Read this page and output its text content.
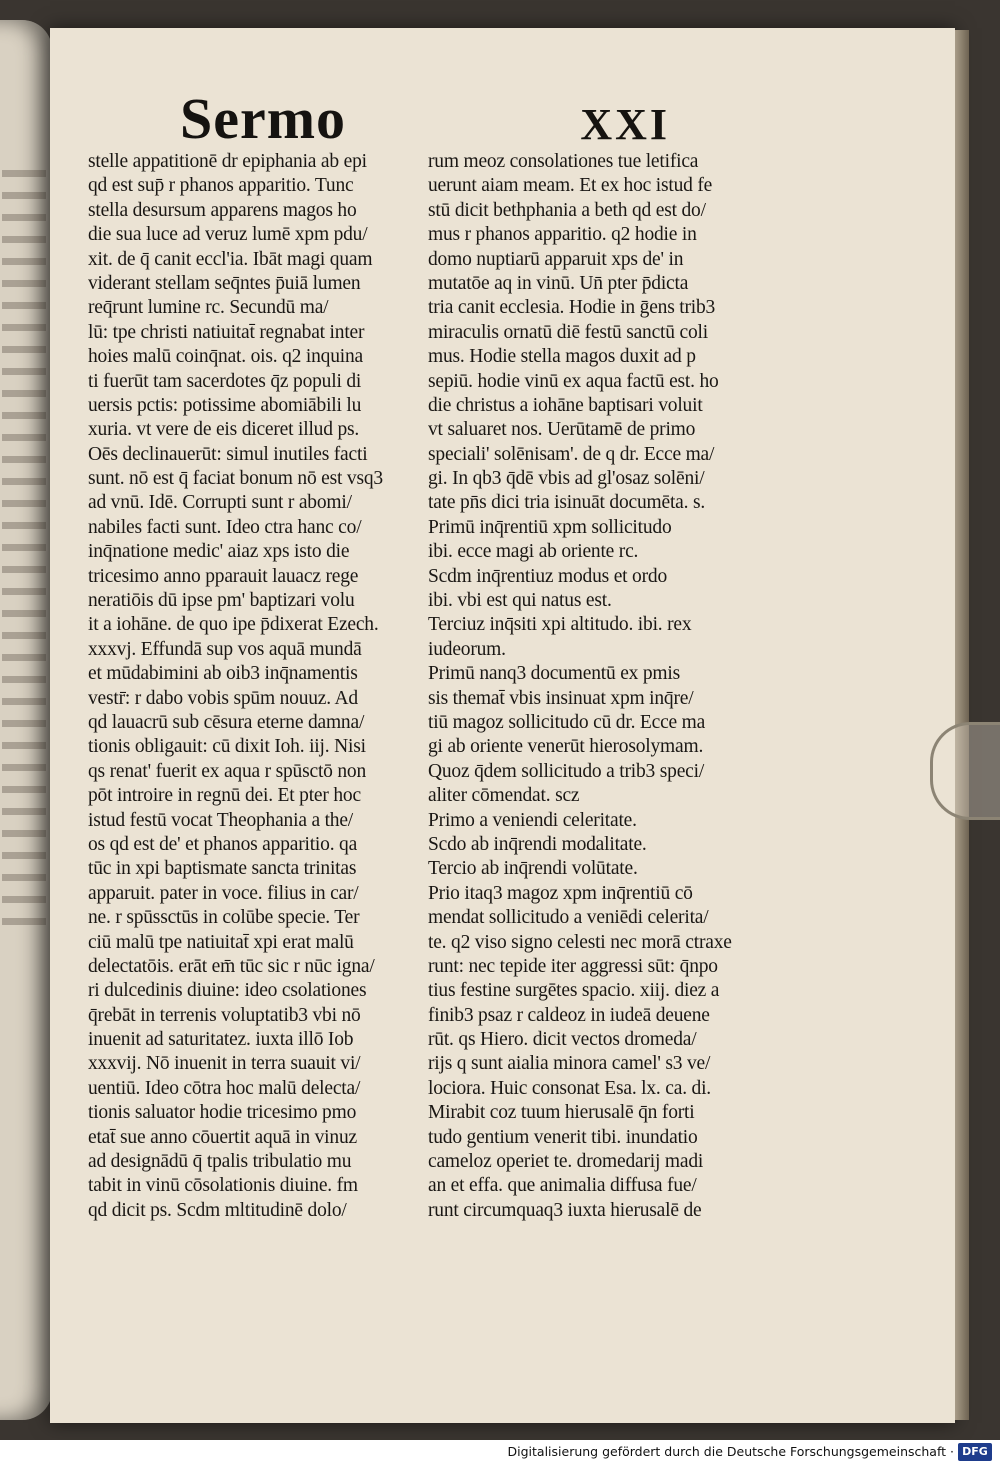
Sermo	XXI
stelle appatitionē dr epiphania ab epi
qd est sup̄ r phanos apparitio. Tunc
stella desursum apparens magos ho
die sua luce ad veruz lumē xpm pdu/
xit. de q̄ canit eccl'ia. Ibāt magi quam
viderant stellam seq̄ntes p̄uiā lumen
req̄runt lumine rc. Secundū ma/
lū: tpe christi natiuitat̄ regnabat inter
hoies malū coinq̄nat. ois. q2 inquina
ti fuerūt tam sacerdotes q̄z populi di
uersis pctis: potissime abomiābili lu
xuria. vt vere de eis diceret illud ps.
Oēs declinauerūt: simul inutiles facti
sunt. nō est q̄ faciat bonum nō est vsq3
ad vnū. Idē. Corrupti sunt r abomi/
nabiles facti sunt. Ideo ctra hanc co/
inq̄natione medic' aiaz xps isto die
tricesimo anno pparauit lauacz rege
neratiōis dū ipse pm' baptizari volu
it a iohāne. de quo ipe p̄dixerat Ezech.
xxxvj. Effundā sup vos aquā mundā
et mūdabimini ab oib3 inq̄namentis
vestr̄: r dabo vobis spūm nouuz. Ad
qd lauacrū sub cēsura eterne damna/
tionis obligauit: cū dixit Ioh. iij. Nisi
qs renat' fuerit ex aqua r spūsctō non
pōt introire in regnū dei. Et pter hoc
istud festū vocat Theophania a the/
os qd est de' et phanos apparitio. qa
tūc in xpi baptismate sancta trinitas
apparuit. pater in voce. filius in car/
ne. r spūssctūs in colūbe specie. Ter
ciū malū tpe natiuitat̄ xpi erat malū
delectatōis. erāt em̄ tūc sic r nūc igna/
ri dulcedinis diuine: ideo csolationes
q̄rebāt in terrenis voluptatib3 vbi nō
inuenit ad saturitatez. iuxta illō Iob
xxxvij. Nō inuenit in terra suauit vi/
uentiū. Ideo cōtra hoc malū delecta/
tionis saluator hodie tricesimo pmo
etat̄ sue anno cōuertit aquā in vinuz
ad designādū q̄ tpalis tribulatio mu
tabit in vinū cōsolationis diuine. fm
qd dicit ps. Scdm mltitudinē dolo/
rum meoz consolationes tue letifica
uerunt aiam meam. Et ex hoc istud fe
stū dicit bethphania a beth qd est do/
mus r phanos apparitio. q2 hodie in
domo nuptiarū apparuit xps de' in
mutatōe aq in vinū. Un̄ pter p̄dicta
tria canit ecclesia. Hodie in ḡens trib3
miraculis ornatū diē festū sanctū coli
mus. Hodie stella magos duxit ad p
sepiū. hodie vinū ex aqua factū est. ho
die christus a iohāne baptisari voluit
vt saluaret nos. Uerūtamē de primo
speciali' solēnisam'. de q dr. Ecce ma/
gi. In qb3 q̄dē vbis ad gl'osaz solēni/
tate pn̄s dici tria isinuāt documēta. s.
Primū inq̄rentiū xpm sollicitudo
ibi. ecce magi ab oriente rc.
Scdm inq̄rentiuz modus et ordo
ibi. vbi est qui natus est.
Terciuz inq̄siti xpi altitudo. ibi. rex
iudeorum.
Primū nanq3 documentū ex pmis
sis themat̄ vbis insinuat xpm inq̄re/
tiū magoz sollicitudo cū dr. Ecce ma
gi ab oriente venerūt hierosolymam.
Quoz q̄dem sollicitudo a trib3 speci/
aliter cōmendat. scz
Primo a veniendi celeritate.
Scdo ab inq̄rendi modalitate.
Tercio ab inq̄rendi volūtate.
Prio itaq3 magoz xpm inq̄rentiū cō
mendat sollicitudo a veniēdi celerita/
te. q2 viso signo celesti nec morā ctraxe
runt: nec tepide iter aggressi sūt: q̄npo
tius festine surgētes spacio. xiij. diez a
finib3 psaz r caldeoz in iudeā deuene
rūt. qs Hiero. dicit vectos dromeda/
rijs q sunt aialia minora camel' s3 ve/
lociora. Huic consonat Esa. lx. ca. di.
Mirabit coz tuum hierusalē q̄n forti
tudo gentium venerit tibi. inundatio
cameloz operiet te. dromedarij madi
an et effa. que animalia diffusa fue/
runt circumquaq3 iuxta hierusalē de
Digitalisierung gefördert durch die Deutsche Forschungsgemeinschaft · DFG
